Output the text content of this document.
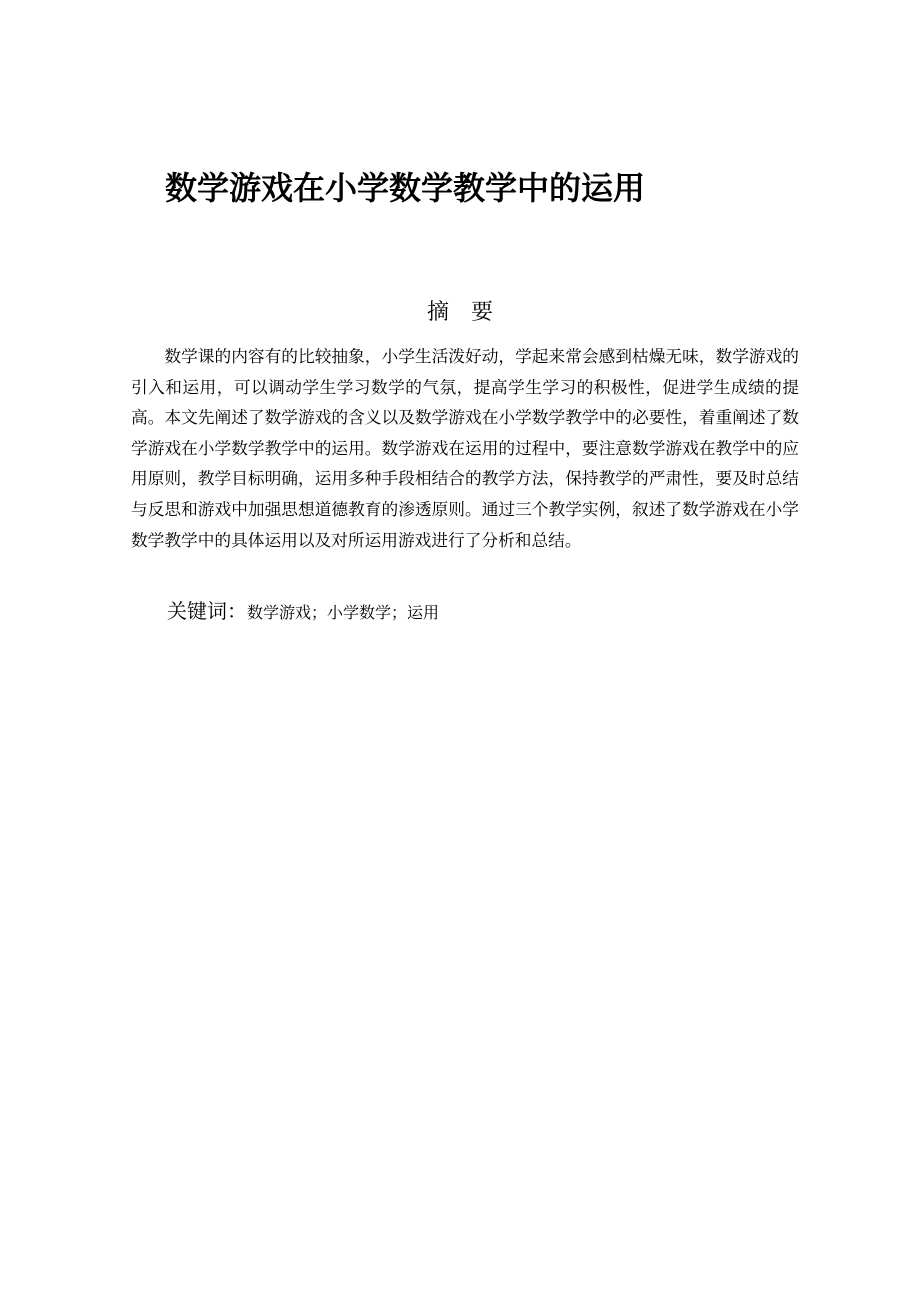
数学游戏在小学数学教学中的运用
摘要

数学课的内容有的比较抽象，小学生活泼好动，学起来常会感到枯燥无味，数学游戏的引入和运用，可以调动学生学习数学的气氛，提高学生学习的积极性，促进学生成绩的提高。本文先阐述了数学游戏的含义以及数学游戏在小学数学教学中的必要性，着重阐述了数学游戏在小学数学教学中的运用。数学游戏在运用的过程中，要注意数学游戏在教学中的应用原则，教学目标明确，运用多种手段相结合的教学方法，保持教学的严肃性，要及时总结与反思和游戏中加强思想道德教育的渗透原则。通过三个教学实例，叙述了数学游戏在小学数学教学中的具体运用以及对所运用游戏进行了分析和总结。

关键词：数学游戏；小学数学；运用
